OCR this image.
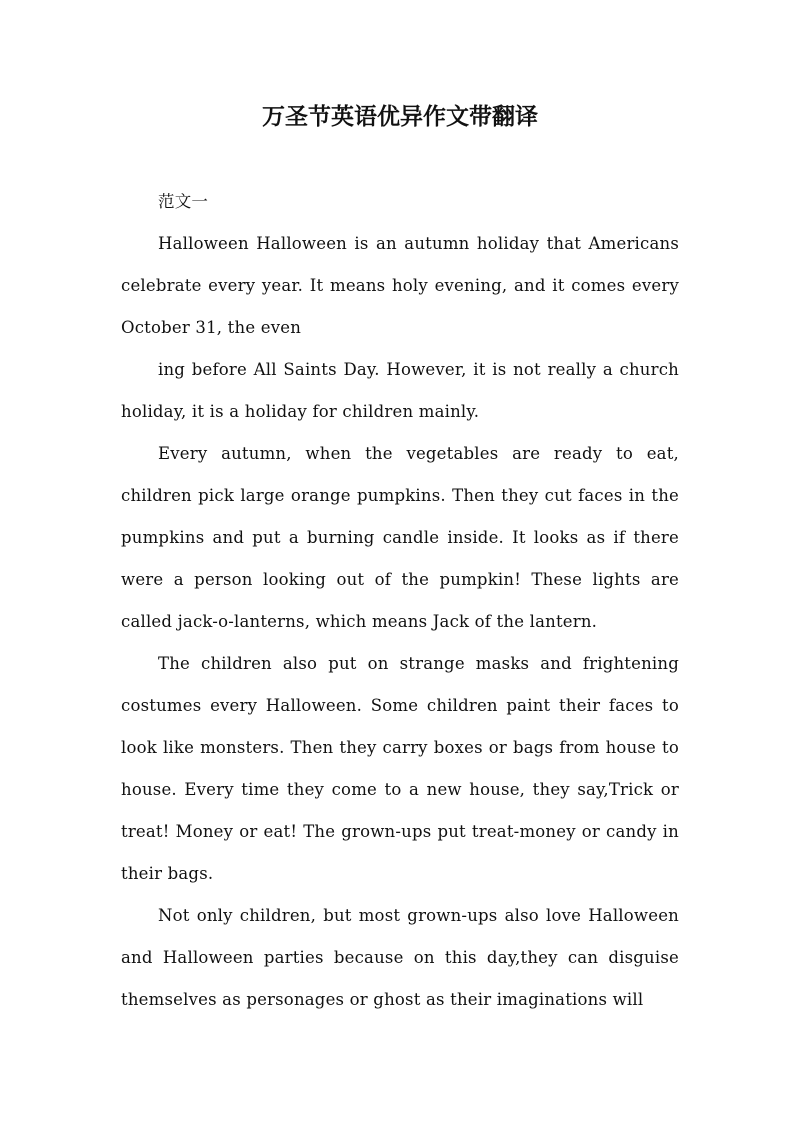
万圣节英语优异作文带翻译

范文一

Halloween Halloween is an autumn holiday that Americans celebrate every year. It means holy evening, and it comes every October 31, the even

ing before All Saints Day. However, it is not really a church holiday, it is a holiday for children mainly.

Every autumn, when the vegetables are ready to eat, children pick large orange pumpkins. Then they cut faces in the pumpkins and put a burning candle inside. It looks as if there were a person looking out of the pumpkin! These lights are called jack-o-lanterns, which means Jack of the lantern.

The children also put on strange masks and frightening costumes every Halloween. Some children paint their faces to look like monsters. Then they carry boxes or bags from house to house. Every time they come to a new house, they say,Trick or treat! Money or eat! The grown-ups put treat-money or candy in their bags.

Not only children, but most grown-ups also love Halloween and Halloween parties because on this day,they can disguise themselves as personages or ghost as their imaginations will
